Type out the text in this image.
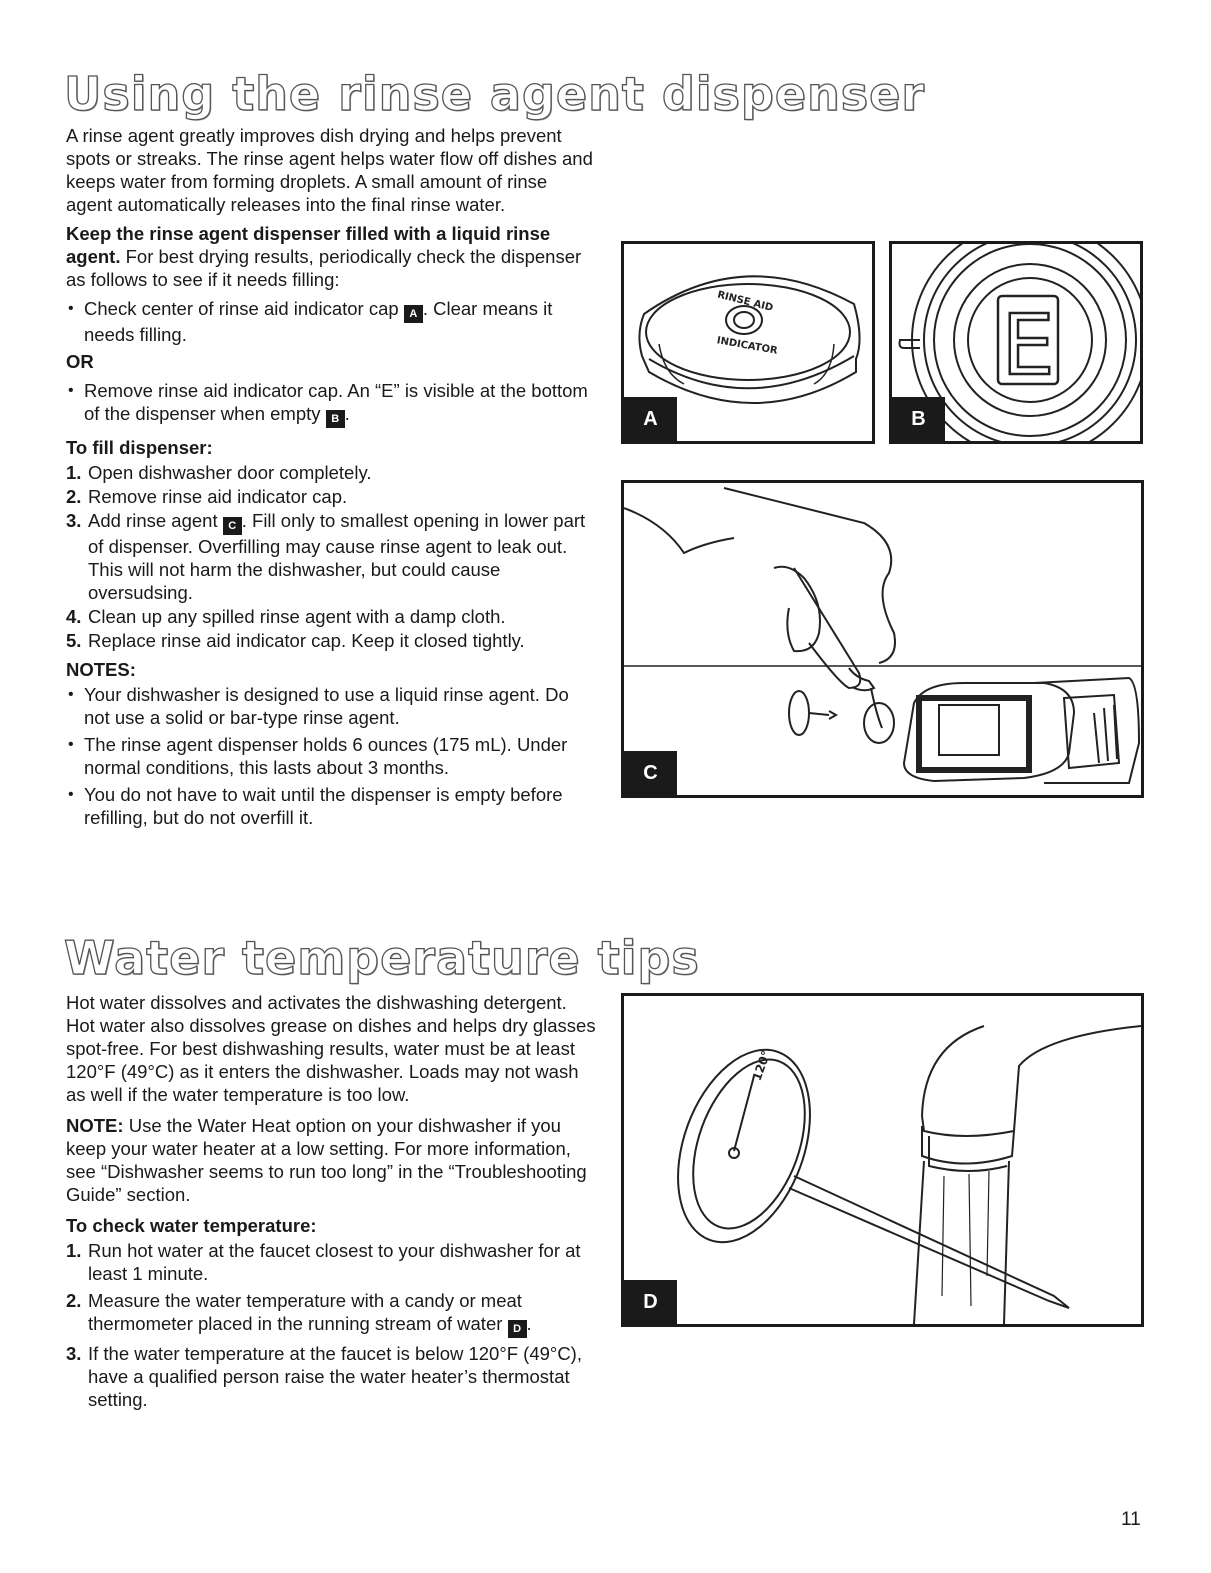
Using the rinse agent dispenser

A rinse agent greatly improves dish drying and helps prevent spots or streaks. The rinse agent helps water flow off dishes and keeps water from forming droplets. A small amount of rinse agent automatically releases into the final rinse water.

Keep the rinse agent dispenser filled with a liquid rinse agent. For best drying results, periodically check the dispenser as follows to see if it needs filling:

• Check center of rinse aid indicator cap A . Clear means it needs filling.
OR
• Remove rinse aid indicator cap. An “E” is visible at the bottom of the dispenser when empty B .
To fill dispenser:
1. Open dishwasher door completely.
2. Remove rinse aid indicator cap.
3. Add rinse agent C . Fill only to smallest opening in lower part of dispenser. Overfilling may cause rinse agent to leak out. This will not harm the dishwasher, but could cause oversudsing.
4. Clean up any spilled rinse agent with a damp cloth.
5. Replace rinse aid indicator cap. Keep it closed tightly.
NOTES:
• Your dishwasher is designed to use a liquid rinse agent. Do not use a solid or bar-type rinse agent.
• The rinse agent dispenser holds 6 ounces (175 mL). Under normal conditions, this lasts about 3 months.
• You do not have to wait until the dispenser is empty before refilling, but do not overfill it.
RINSE AID
INDICATOR
A
E
B
C
Water temperature tips

Hot water dissolves and activates the dishwashing detergent. Hot water also dissolves grease on dishes and helps dry glasses spot-free. For best dishwashing results, water must be at least 120°F (49°C) as it enters the dishwasher. Loads may not wash as well if the water temperature is too low.

NOTE: Use the Water Heat option on your dishwasher if you keep your water heater at a low setting. For more information, see “Dishwasher seems to run too long” in the “Troubleshooting Guide” section.

To check water temperature:
1. Run hot water at the faucet closest to your dishwasher for at least 1 minute.
2. Measure the water temperature with a candy or meat thermometer placed in the running stream of water D .
3. If the water temperature at the faucet is below 120°F (49°C), have a qualified person raise the water heater’s thermostat setting.
120°
D
11
